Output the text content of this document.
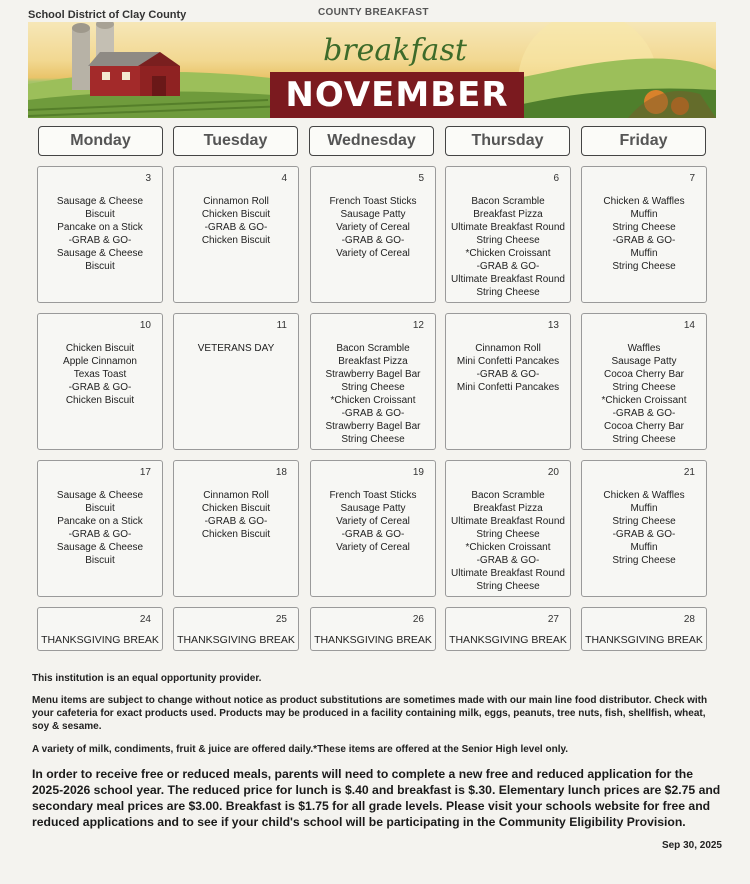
School District of Clay County	COUNTY BREAKFAST
breakfast
NOVEMBER
Monday	Tuesday	Wednesday	Thursday	Friday
3
Sausage & Cheese
Biscuit
Pancake on a Stick
-GRAB & GO-
Sausage & Cheese
Biscuit
4
Cinnamon Roll
Chicken Biscuit
-GRAB & GO-
Chicken Biscuit
5
French Toast Sticks
Sausage Patty
Variety of Cereal
-GRAB & GO-
Variety of Cereal
6
Bacon Scramble
Breakfast Pizza
Ultimate Breakfast Round
String Cheese
*Chicken Croissant
-GRAB & GO-
Ultimate Breakfast Round
String Cheese
7
Chicken & Waffles
Muffin
String Cheese
-GRAB & GO-
Muffin
String Cheese
10
Chicken Biscuit
Apple Cinnamon
Texas Toast
-GRAB & GO-
Chicken Biscuit
11
VETERANS DAY
12
Bacon Scramble
Breakfast Pizza
Strawberry Bagel Bar
String Cheese
*Chicken Croissant
-GRAB & GO-
Strawberry Bagel Bar
String Cheese
13
Cinnamon Roll
Mini Confetti Pancakes
-GRAB & GO-
Mini Confetti Pancakes
14
Waffles
Sausage Patty
Cocoa Cherry Bar
String Cheese
*Chicken Croissant
-GRAB & GO-
Cocoa Cherry Bar
String Cheese
17
Sausage & Cheese
Biscuit
Pancake on a Stick
-GRAB & GO-
Sausage & Cheese
Biscuit
18
Cinnamon Roll
Chicken Biscuit
-GRAB & GO-
Chicken Biscuit
19
French Toast Sticks
Sausage Patty
Variety of Cereal
-GRAB & GO-
Variety of Cereal
20
Bacon Scramble
Breakfast Pizza
Ultimate Breakfast Round
String Cheese
*Chicken Croissant
-GRAB & GO-
Ultimate Breakfast Round
String Cheese
21
Chicken & Waffles
Muffin
String Cheese
-GRAB & GO-
Muffin
String Cheese
24
THANKSGIVING BREAK
25
THANKSGIVING BREAK
26
THANKSGIVING BREAK
27
THANKSGIVING BREAK
28
THANKSGIVING BREAK
This institution is an equal opportunity provider.
Menu items are subject to change without notice as product substitutions are sometimes made with our main line food distributor. Check with your cafeteria for exact products used. Products may be produced in a facility containing milk, eggs, peanuts, tree nuts, fish, shellfish, wheat, soy & sesame.
A variety of milk, condiments, fruit & juice are offered daily.*These items are offered at the Senior High level only.
In order to receive free or reduced meals, parents will need to complete a new free and reduced application for the 2025-2026 school year. The reduced price for lunch is $.40 and breakfast is $.30. Elementary lunch prices are $2.75 and secondary meal prices are $3.00. Breakfast is $1.75 for all grade levels. Please visit your schools website for free and reduced applications and to see if your child's school will be participating in the Community Eligibility Provision.
Sep 30, 2025
